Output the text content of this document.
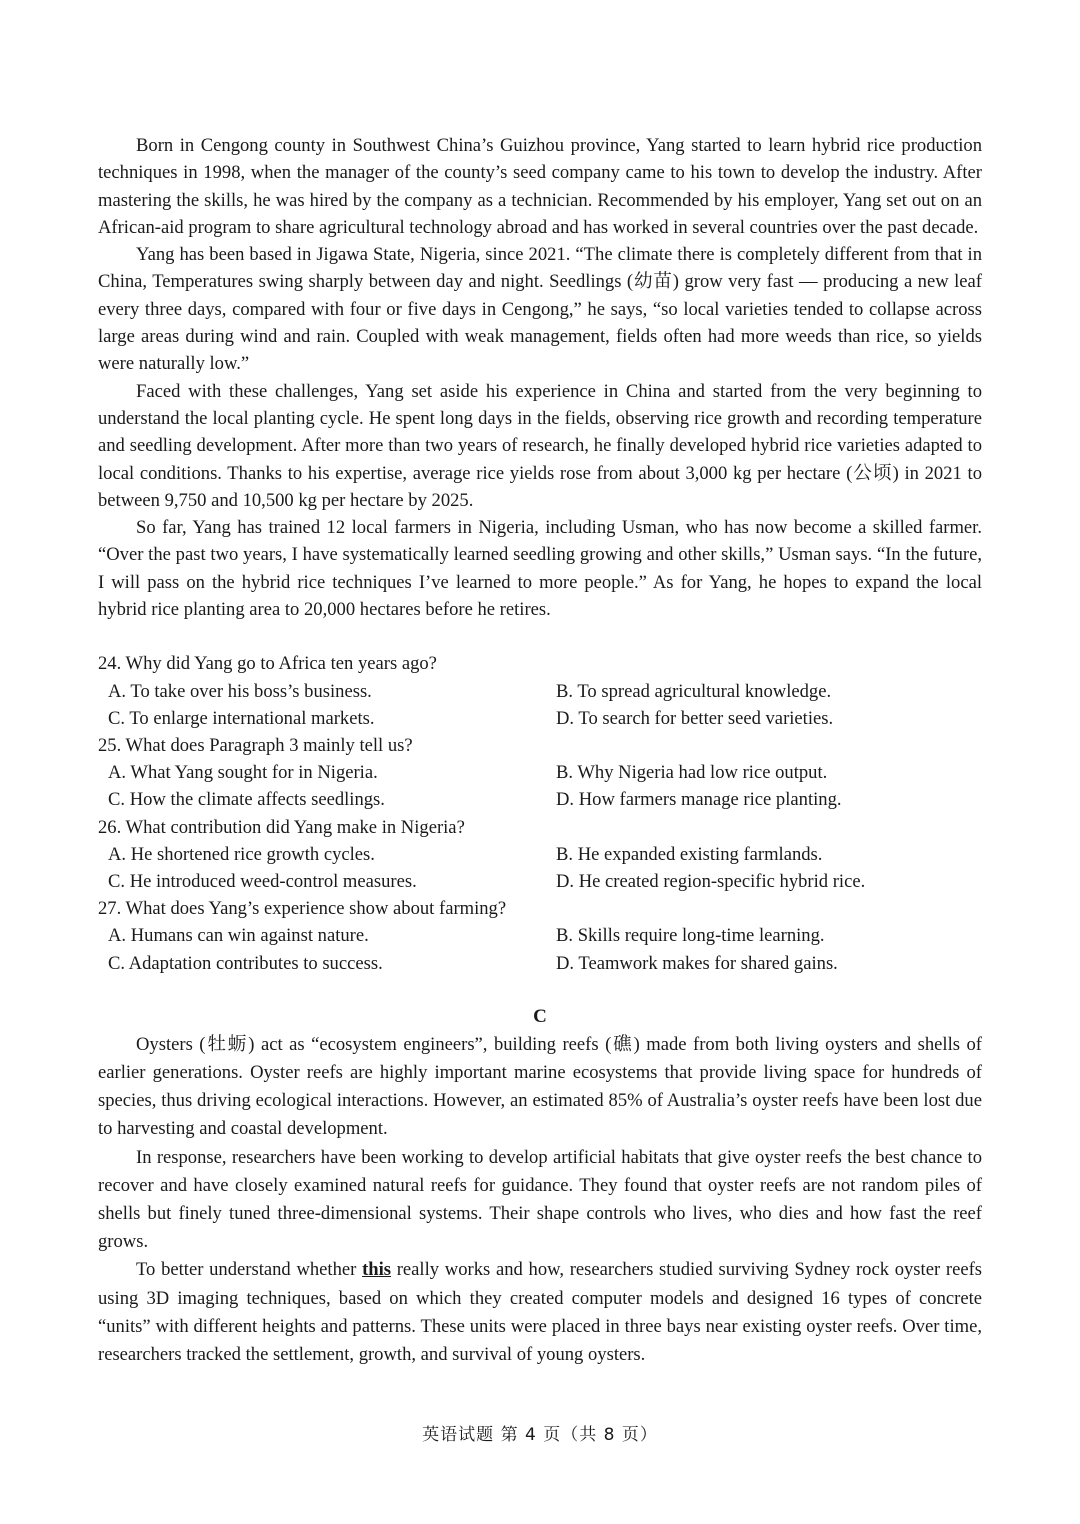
Born in Cengong county in Southwest China’s Guizhou province, Yang started to learn hybrid rice production techniques in 1998, when the manager of the county’s seed company came to his town to develop the industry. After mastering the skills, he was hired by the company as a technician. Recommended by his employer, Yang set out on an African-aid program to share agricultural technology abroad and has worked in several countries over the past decade.

Yang has been based in Jigawa State, Nigeria, since 2021. “The climate there is completely different from that in China, Temperatures swing sharply between day and night. Seedlings (幼苗) grow very fast — producing a new leaf every three days, compared with four or five days in Cengong,” he says, “so local varieties tended to collapse across large areas during wind and rain. Coupled with weak management, fields often had more weeds than rice, so yields were naturally low.”

Faced with these challenges, Yang set aside his experience in China and started from the very beginning to understand the local planting cycle. He spent long days in the fields, observing rice growth and recording temperature and seedling development. After more than two years of research, he finally developed hybrid rice varieties adapted to local conditions. Thanks to his expertise, average rice yields rose from about 3,000 kg per hectare (公顷) in 2021 to between 9,750 and 10,500 kg per hectare by 2025.

So far, Yang has trained 12 local farmers in Nigeria, including Usman, who has now become a skilled farmer. “Over the past two years, I have systematically learned seedling growing and other skills,” Usman says. “In the future, I will pass on the hybrid rice techniques I’ve learned to more people.” As for Yang, he hopes to expand the local hybrid rice planting area to 20,000 hectares before he retires.

24. Why did Yang go to Africa ten years ago?

A. To take over his boss’s business.	B. To spread agricultural knowledge.
C. To enlarge international markets.	D. To search for better seed varieties.

25. What does Paragraph 3 mainly tell us?

A. What Yang sought for in Nigeria.	B. Why Nigeria had low rice output.
C. How the climate affects seedlings.	D. How farmers manage rice planting.

26. What contribution did Yang make in Nigeria?

A. He shortened rice growth cycles.	B. He expanded existing farmlands.
C. He introduced weed-control measures.	D. He created region-specific hybrid rice.

27. What does Yang’s experience show about farming?

A. Humans can win against nature.	B. Skills require long-time learning.
C. Adaptation contributes to success.	D. Teamwork makes for shared gains.
C

Oysters (牡蛎) act as “ecosystem engineers”, building reefs (礁) made from both living oysters and shells of earlier generations. Oyster reefs are highly important marine ecosystems that provide living space for hundreds of species, thus driving ecological interactions. However, an estimated 85% of Australia’s oyster reefs have been lost due to harvesting and coastal development.

In response, researchers have been working to develop artificial habitats that give oyster reefs the best chance to recover and have closely examined natural reefs for guidance. They found that oyster reefs are not random piles of shells but finely tuned three-dimensional systems. Their shape controls who lives, who dies and how fast the reef grows.

To better understand whether this really works and how, researchers studied surviving Sydney rock oyster reefs using 3D imaging techniques, based on which they created computer models and designed 16 types of concrete “units” with different heights and patterns. These units were placed in three bays near existing oyster reefs. Over time, researchers tracked the settlement, growth, and survival of young oysters.

英语试题 第 4 页（共 8 页）
